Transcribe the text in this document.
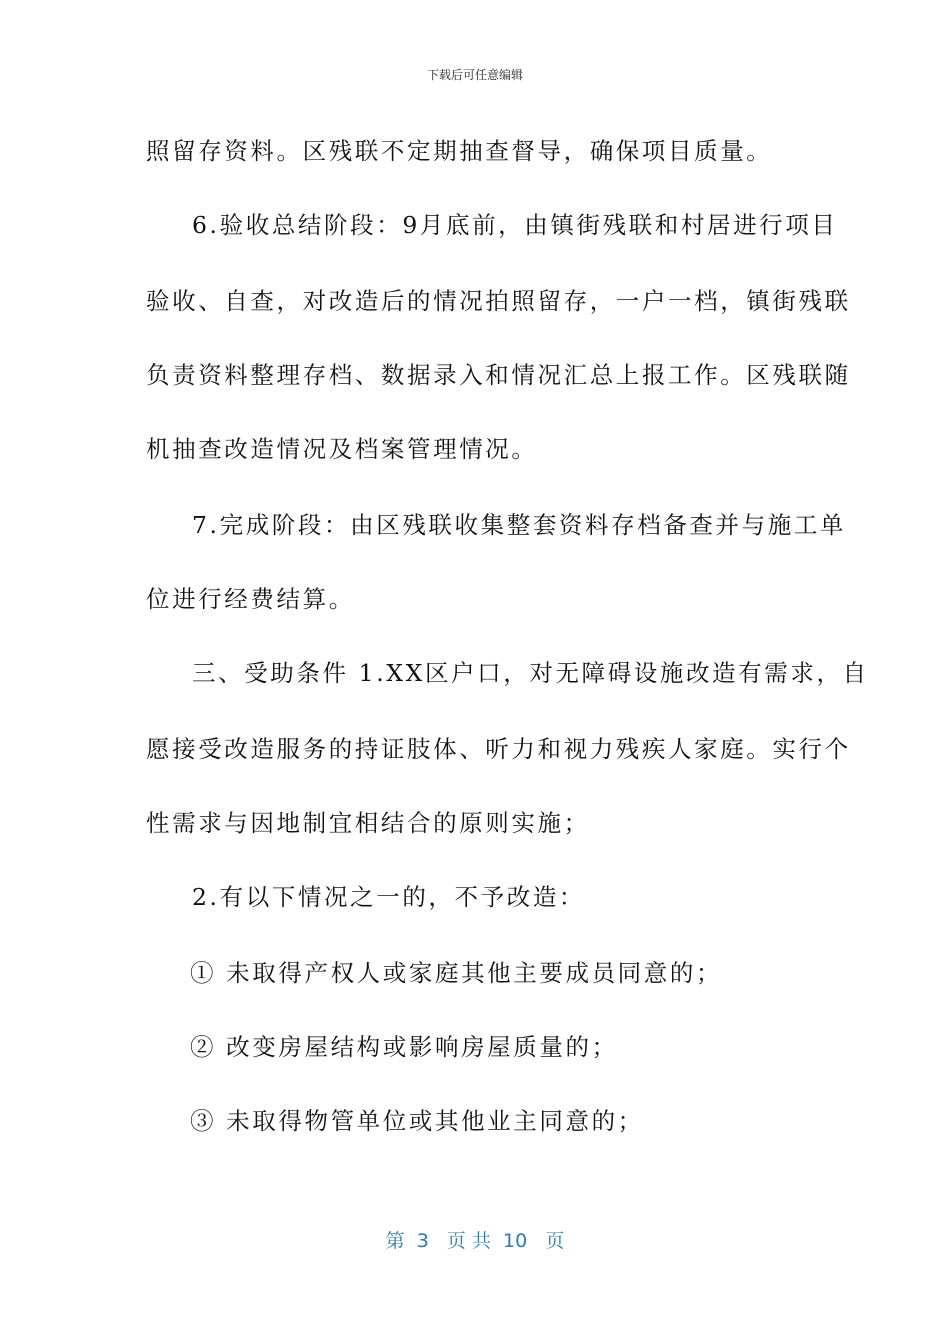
下载后可任意编辑
照留存资料。区残联不定期抽查督导，确保项目质量。
6.验收总结阶段：9月底前，由镇街残联和村居进行项目
验收、自查，对改造后的情况拍照留存，一户一档，镇街残联
负责资料整理存档、数据录入和情况汇总上报工作。区残联随
机抽查改造情况及档案管理情况。
7.完成阶段：由区残联收集整套资料存档备查并与施工单
位进行经费结算。
三、受助条件 1.XX区户口，对无障碍设施改造有需求，自
愿接受改造服务的持证肢体、听力和视力残疾人家庭。实行个
性需求与因地制宜相结合的原则实施；
2.有以下情况之一的，不予改造：
① 未取得产权人或家庭其他主要成员同意的；
② 改变房屋结构或影响房屋质量的；
③ 未取得物管单位或其他业主同意的；
第  3   页 共  10   页
